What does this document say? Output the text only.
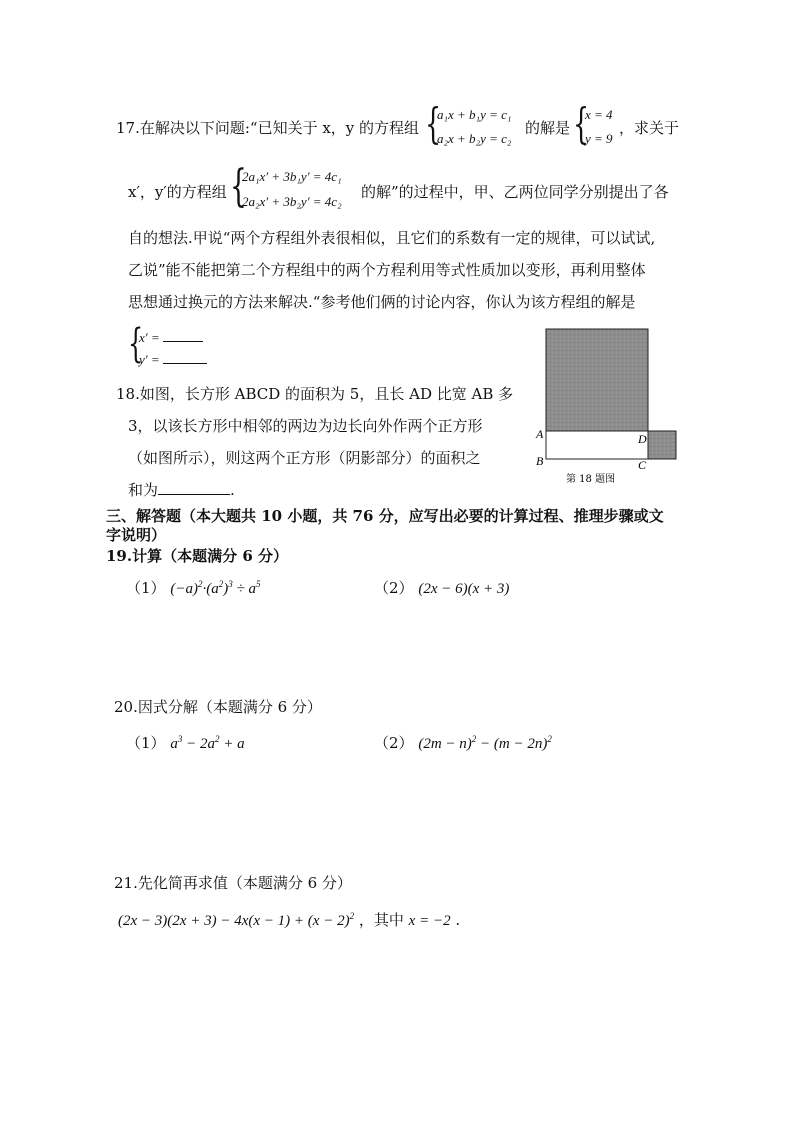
17.在解决以下问题:“已知关于 x，y 的方程组 {
a₁x + b₁y = c₁
a₂x + b₂y = c₂
的解是 {
x = 4
y = 9
，求关于
x′，y′的方程组 {
2a₁x′ + 3b₁y′ = 4c₁
2a₂x′ + 3b₂y′ = 4c₂
的解”的过程中，甲、乙两位同学分别提出了各
自的想法.甲说“两个方程组外表很相似，且它们的系数有一定的规律，可以试试,
乙说”能不能把第二个方程组中的两个方程利用等式性质加以变形，再利用整体
思想通过换元的方法来解决.“参考他们俩的讨论内容，你认为该方程组的解是
{
x′ =
y′ =
18.如图，长方形 ABCD 的面积为 5，且长 AD 比宽 AB 多
3，以该长方形中相邻的两边为边长向外作两个正方形
（如图所示），则这两个正方形（阴影部分）的面积之
和为	.
A
B	C
D
第 18 题图
三、解答题（本大题共 10 小题，共 76 分，应写出必要的计算过程、推理步骤或文
字说明）
19.计算（本题满分 6 分）
（1） $(-a)^2\cdot(a^2)^3 \div a^5$	（2） (2x − 6)(x + 3)
20.因式分解（本题满分 6 分）
（1） $a^3 - 2a^2 + a$	（2） $(2m - n)^2 - (m - 2n)^2$
21.先化简再求值（本题满分 6 分）
$(2x - 3)(2x + 3) - 4x(x - 1) + (x - 2)^2$ ，其中 x = −2 .
